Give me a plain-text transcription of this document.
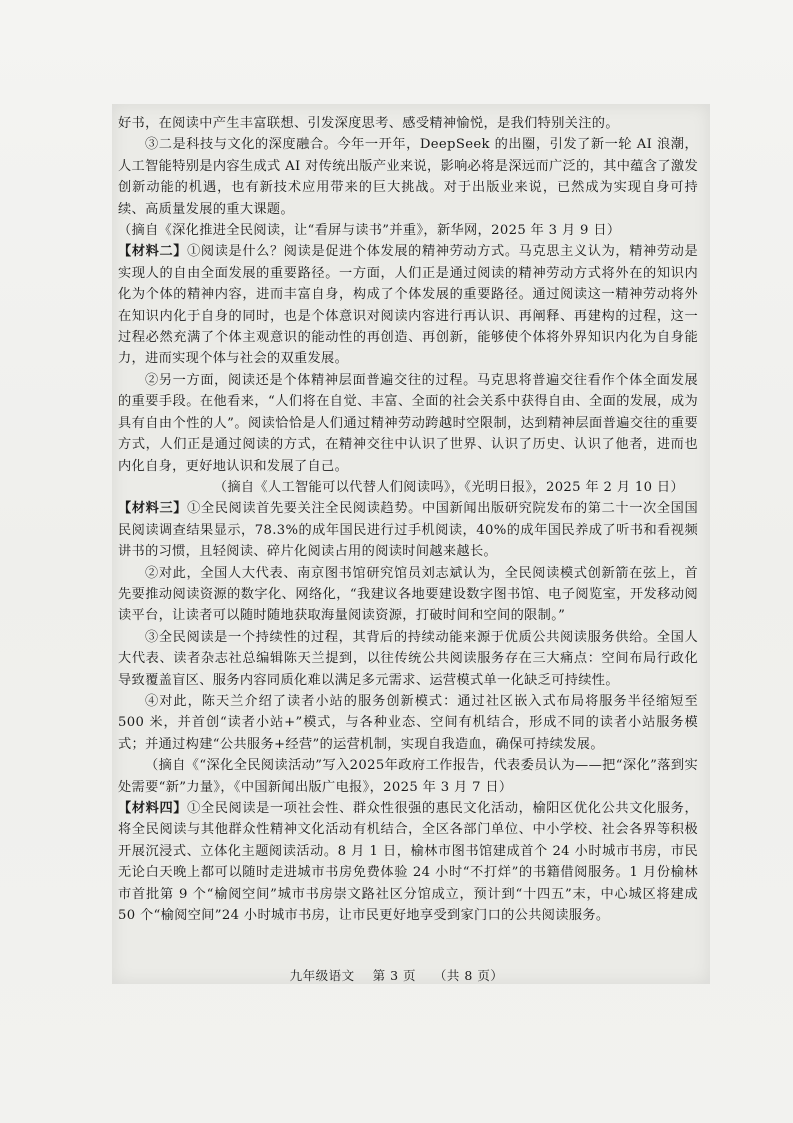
好书，在阅读中产生丰富联想、引发深度思考、感受精神愉悦，是我们特别关注的。

③二是科技与文化的深度融合。今年一开年，DeepSeek 的出圈，引发了新一轮 AI 浪潮，人工智能特别是内容生成式 AI 对传统出版产业来说，影响必将是深远而广泛的，其中蕴含了激发创新动能的机遇，也有新技术应用带来的巨大挑战。对于出版业来说，已然成为实现自身可持续、高质量发展的重大课题。

（摘自《深化推进全民阅读，让“看屏与读书”并重》，新华网，2025 年 3 月 9 日）

【材料二】①阅读是什么？阅读是促进个体发展的精神劳动方式。马克思主义认为，精神劳动是实现人的自由全面发展的重要路径。一方面，人们正是通过阅读的精神劳动方式将外在的知识内化为个体的精神内容，进而丰富自身，构成了个体发展的重要路径。通过阅读这一精神劳动将外在知识内化于自身的同时，也是个体意识对阅读内容进行再认识、再阐释、再建构的过程，这一过程必然充满了个体主观意识的能动性的再创造、再创新，能够使个体将外界知识内化为自身能力，进而实现个体与社会的双重发展。

②另一方面，阅读还是个体精神层面普遍交往的过程。马克思将普遍交往看作个体全面发展的重要手段。在他看来，“人们将在自觉、丰富、全面的社会关系中获得自由、全面的发展，成为具有自由个性的人”。阅读恰恰是人们通过精神劳动跨越时空限制，达到精神层面普遍交往的重要方式，人们正是通过阅读的方式，在精神交往中认识了世界、认识了历史、认识了他者，进而也内化自身，更好地认识和发展了自己。

（摘自《人工智能可以代替人们阅读吗》，《光明日报》，2025 年 2 月 10 日）

【材料三】①全民阅读首先要关注全民阅读趋势。中国新闻出版研究院发布的第二十一次全国国民阅读调查结果显示，78.3%的成年国民进行过手机阅读，40%的成年国民养成了听书和看视频讲书的习惯，且轻阅读、碎片化阅读占用的阅读时间越来越长。

②对此，全国人大代表、南京图书馆研究馆员刘志斌认为，全民阅读模式创新箭在弦上，首先要推动阅读资源的数字化、网络化，“我建议各地要建设数字图书馆、电子阅览室，开发移动阅读平台，让读者可以随时随地获取海量阅读资源，打破时间和空间的限制。”

③全民阅读是一个持续性的过程，其背后的持续动能来源于优质公共阅读服务供给。全国人大代表、读者杂志社总编辑陈天兰提到，以往传统公共阅读服务存在三大痛点：空间布局行政化导致覆盖盲区、服务内容同质化难以满足多元需求、运营模式单一化缺乏可持续性。

④对此，陈天兰介绍了读者小站的服务创新模式：通过社区嵌入式布局将服务半径缩短至 500 米，并首创“读者小站+”模式，与各种业态、空间有机结合，形成不同的读者小站服务模式；并通过构建“公共服务+经营”的运营机制，实现自我造血，确保可持续发展。

（摘自《“深化全民阅读活动”写入2025年政府工作报告，代表委员认为——把“深化”落到实处需要“新”力量》，《中国新闻出版广电报》，2025 年 3 月 7 日）

【材料四】①全民阅读是一项社会性、群众性很强的惠民文化活动，榆阳区优化公共文化服务，将全民阅读与其他群众性精神文化活动有机结合，全区各部门单位、中小学校、社会各界等积极开展沉浸式、立体化主题阅读活动。8 月 1 日，榆林市图书馆建成首个 24 小时城市书房，市民无论白天晚上都可以随时走进城市书房免费体验 24 小时“不打烊”的书籍借阅服务。1 月份榆林市首批第 9 个“榆阅空间”城市书房崇文路社区分馆成立，预计到“十四五”末，中心城区将建成 50 个“榆阅空间”24 小时城市书房，让市民更好地享受到家门口的公共阅读服务。

九年级语文 第 3 页 （共 8 页）
